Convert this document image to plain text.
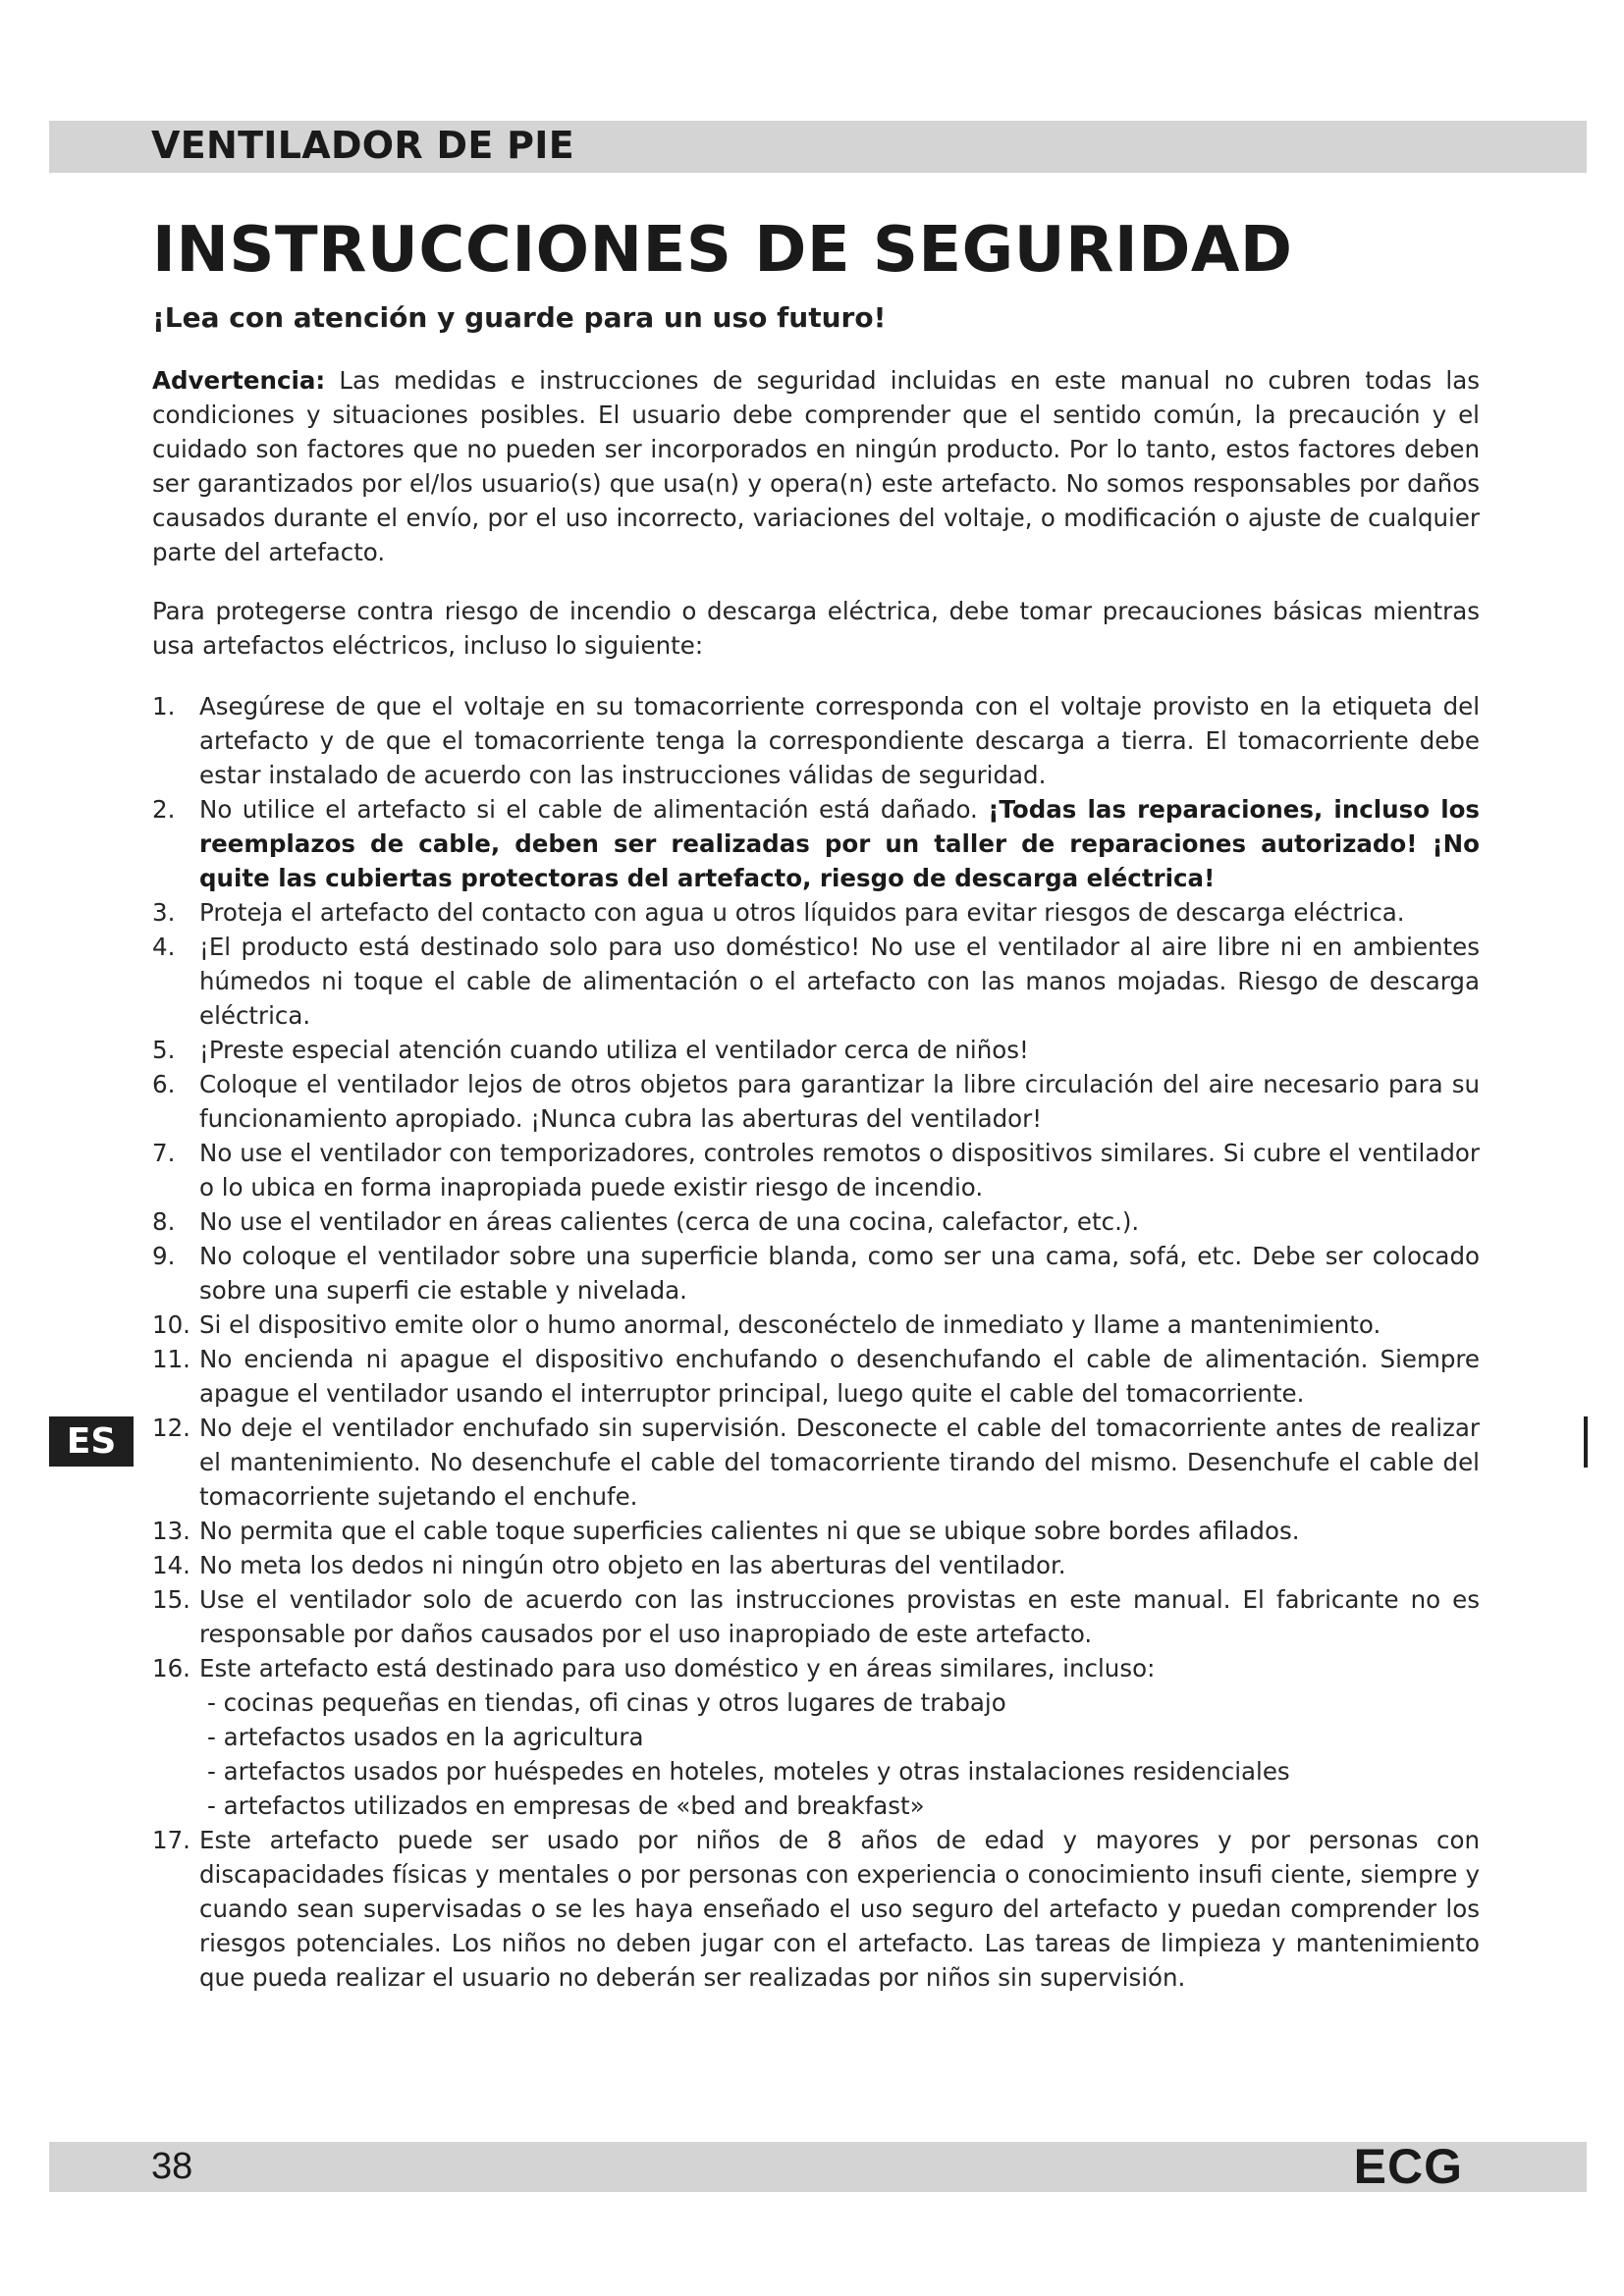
VENTILADOR DE PIE
INSTRUCCIONES DE SEGURIDAD
¡Lea con atención y guarde para un uso futuro!

Advertencia: Las medidas e instrucciones de seguridad incluidas en este manual no cubren todas las condiciones y situaciones posibles. El usuario debe comprender que el sentido común, la precaución y el cuidado son factores que no pueden ser incorporados en ningún producto. Por lo tanto, estos factores deben ser garantizados por el/los usuario(s) que usa(n) y opera(n) este artefacto. No somos responsables por daños causados durante el envío, por el uso incorrecto, variaciones del voltaje, o modificación o ajuste de cualquier parte del artefacto.

Para protegerse contra riesgo de incendio o descarga eléctrica, debe tomar precauciones básicas mientras usa artefactos eléctricos, incluso lo siguiente:

1.	Asegúrese de que el voltaje en su tomacorriente corresponda con el voltaje provisto en la etiqueta del artefacto y de que el tomacorriente tenga la correspondiente descarga a tierra. El tomacorriente debe estar instalado de acuerdo con las instrucciones válidas de seguridad.
2.	No utilice el artefacto si el cable de alimentación está dañado. ¡Todas las reparaciones, incluso los reemplazos de cable, deben ser realizadas por un taller de reparaciones autorizado! ¡No quite las cubiertas protectoras del artefacto, riesgo de descarga eléctrica!
3.	Proteja el artefacto del contacto con agua u otros líquidos para evitar riesgos de descarga eléctrica.
4.	¡El producto está destinado solo para uso doméstico! No use el ventilador al aire libre ni en ambientes húmedos ni toque el cable de alimentación o el artefacto con las manos mojadas. Riesgo de descarga eléctrica.
5.	¡Preste especial atención cuando utiliza el ventilador cerca de niños!
6.	Coloque el ventilador lejos de otros objetos para garantizar la libre circulación del aire necesario para su funcionamiento apropiado. ¡Nunca cubra las aberturas del ventilador!
7.	No use el ventilador con temporizadores, controles remotos o dispositivos similares. Si cubre el ventilador o lo ubica en forma inapropiada puede existir riesgo de incendio.
8.	No use el ventilador en áreas calientes (cerca de una cocina, calefactor, etc.).
9.	No coloque el ventilador sobre una superficie blanda, como ser una cama, sofá, etc. Debe ser colocado sobre una superfi cie estable y nivelada.
10. Si el dispositivo emite olor o humo anormal, desconéctelo de inmediato y llame a mantenimiento.
11. No encienda ni apague el dispositivo enchufando o desenchufando el cable de alimentación. Siempre apague el ventilador usando el interruptor principal, luego quite el cable del tomacorriente.
12. No deje el ventilador enchufado sin supervisión. Desconecte el cable del tomacorriente antes de realizar el mantenimiento. No desenchufe el cable del tomacorriente tirando del mismo. Desenchufe el cable del tomacorriente sujetando el enchufe.
13. No permita que el cable toque superficies calientes ni que se ubique sobre bordes afilados.
14. No meta los dedos ni ningún otro objeto en las aberturas del ventilador.
15. Use el ventilador solo de acuerdo con las instrucciones provistas en este manual. El fabricante no es responsable por daños causados por el uso inapropiado de este artefacto.
16. Este artefacto está destinado para uso doméstico y en áreas similares, incluso:
- cocinas pequeñas en tiendas, ofi cinas y otros lugares de trabajo
- artefactos usados en la agricultura
- artefactos usados por huéspedes en hoteles, moteles y otras instalaciones residenciales
- artefactos utilizados en empresas de «bed and breakfast»
17. Este artefacto puede ser usado por niños de 8 años de edad y mayores y por personas con discapacidades físicas y mentales o por personas con experiencia o conocimiento insufi ciente, siempre y cuando sean supervisadas o se les haya enseñado el uso seguro del artefacto y puedan comprender los riesgos potenciales. Los niños no deben jugar con el artefacto. Las tareas de limpieza y mantenimiento que pueda realizar el usuario no deberán ser realizadas por niños sin supervisión.
ES
38	ECG
